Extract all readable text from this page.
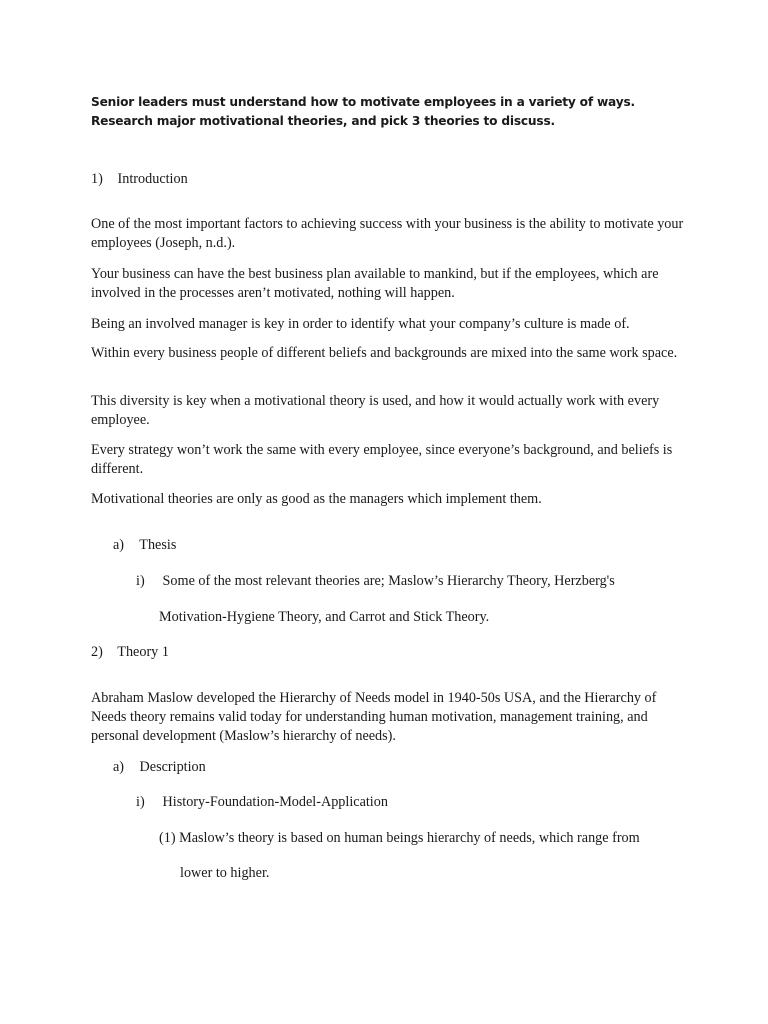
Senior leaders must understand how to motivate employees in a variety of ways. Research major motivational theories, and pick 3 theories to discuss.
1) Introduction
One of the most important factors to achieving success with your business is the ability to motivate your employees (Joseph, n.d.).
Your business can have the best business plan available to mankind, but if the employees, which are involved in the processes aren’t motivated, nothing will happen.
Being an involved manager is key in order to identify what your company’s culture is made of.
Within every business people of different beliefs and backgrounds are mixed into the same work space.
This diversity is key when a motivational theory is used, and how it would actually work with every employee.
Every strategy won’t work the same with every employee, since everyone’s background, and beliefs is different.
Motivational theories are only as good as the managers which implement them.
a) Thesis
i) Some of the most relevant theories are; Maslow’s Hierarchy Theory, Herzberg's
Motivation-Hygiene Theory, and Carrot and Stick Theory.
2) Theory 1
Abraham Maslow developed the Hierarchy of Needs model in 1940-50s USA, and the Hierarchy of Needs theory remains valid today for understanding human motivation, management training, and personal development (Maslow’s hierarchy of needs).
a) Description
i) History-Foundation-Model-Application
(1) Maslow’s theory is based on human beings hierarchy of needs, which range from
lower to higher.
